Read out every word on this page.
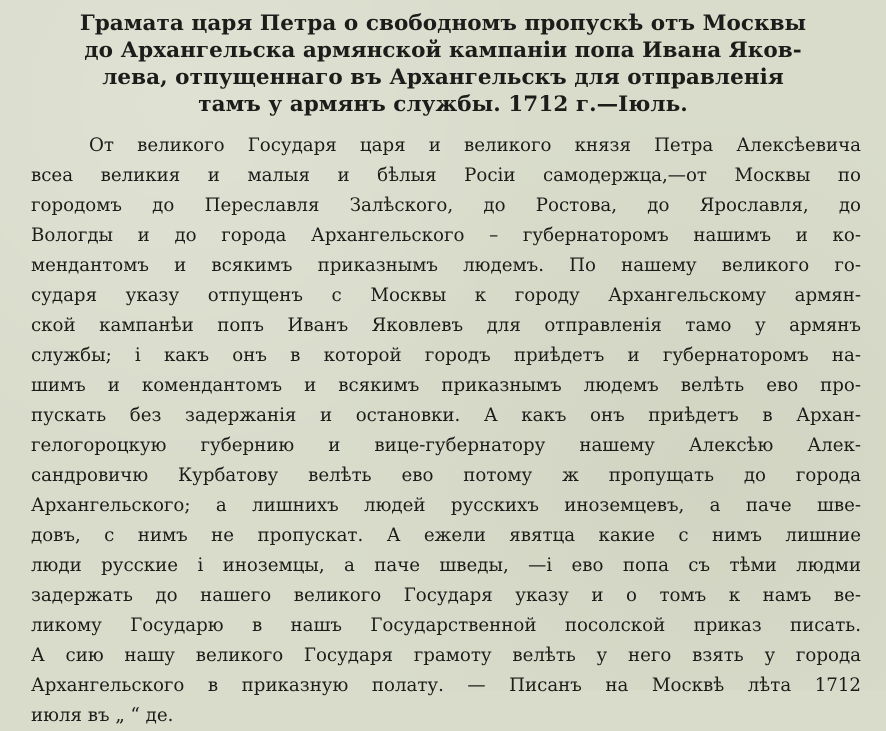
Грамата царя Петра о свободномъ пропускѣ отъ Москвы
до Архангельска армянской кампаніи попа Ивана Яков-
лева, отпущеннаго въ Архангельскъ для отправленія
тамъ у армянъ службы. 1712 г.—Іюль.
От великого Государя царя и великого князя Петра Алексѣевича
всеа великия и малыя и бѣлыя Росіи самодержца,—от Москвы по
городомъ до Переславля Залѣского, до Ростова, до Ярославля, до
Вологды и до города Архангельского – губернаторомъ нашимъ и ко-
мендантомъ и всякимъ приказнымъ людемъ. По нашему великого го-
сударя указу отпущенъ с Москвы к городу Архангельскому армян-
ской кампанѣи попъ Иванъ Яковлевъ для отправленія тамо у армянъ
службы; і какъ онъ в которой городъ приѣдетъ и губернаторомъ на-
шимъ и комендантомъ и всякимъ приказнымъ людемъ велѣть ево про-
пускать без задержанія и остановки. А какъ онъ приѣдетъ в Архан-
гелогороцкую губернию и вице-губернатору нашему Алексѣю Алек-
сандровичю Курбатову велѣть ево потому ж пропущать до города
Архангельского; а лишнихъ людей русскихъ иноземцевъ, а паче шве-
довъ, с нимъ не пропускат. А ежели явятца какие с нимъ лишние
люди русские і иноземцы, а паче шведы, —і ево попа съ тѣми людми
задержать до нашего великого Государя указу и о томъ к намъ ве-
ликому Государю в нашъ Государственной посолской приказ писать.
А сию нашу великого Государя грамоту велѣть у него взять у города
Архангельского в приказную полату. — Писанъ на Москвѣ лѣта 1712
июля въ „ “ де.
